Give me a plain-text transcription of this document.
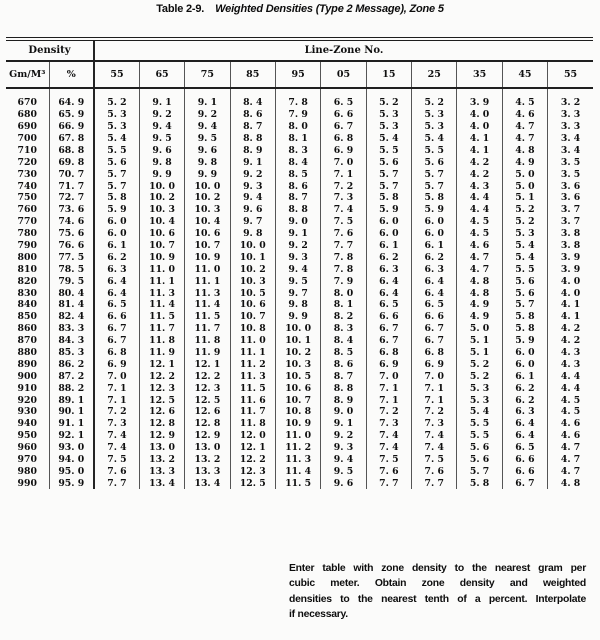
Table 2-9. Weighted Densities (Type 2 Message), Zone 5
Density		Line-Zone No.										
Gm/M³	%	55	65	75	85	95	05	15	25	35	45	55
670	64. 9	5. 2	9. 1	9. 1	8. 4	7. 8	6. 5	5. 2	5. 2	3. 9	4. 5	3. 2
680	65. 9	5. 3	9. 2	9. 2	8. 6	7. 9	6. 6	5. 3	5. 3	4. 0	4. 6	3. 3
690	66. 9	5. 3	9. 4	9. 4	8. 7	8. 0	6. 7	5. 3	5. 3	4. 0	4. 7	3. 3
700	67. 8	5. 4	9. 5	9. 5	8. 8	8. 1	6. 8	5. 4	5. 4	4. 1	4. 7	3. 4
710	68. 8	5. 5	9. 6	9. 6	8. 9	8. 3	6. 9	5. 5	5. 5	4. 1	4. 8	3. 4
720	69. 8	5. 6	9. 8	9. 8	9. 1	8. 4	7. 0	5. 6	5. 6	4. 2	4. 9	3. 5
730	70. 7	5. 7	9. 9	9. 9	9. 2	8. 5	7. 1	5. 7	5. 7	4. 2	5. 0	3. 5
740	71. 7	5. 7	10. 0	10. 0	9. 3	8. 6	7. 2	5. 7	5. 7	4. 3	5. 0	3. 6
750	72. 7	5. 8	10. 2	10. 2	9. 4	8. 7	7. 3	5. 8	5. 8	4. 4	5. 1	3. 6
760	73. 6	5. 9	10. 3	10. 3	9. 6	8. 8	7. 4	5. 9	5. 9	4. 4	5. 2	3. 7
770	74. 6	6. 0	10. 4	10. 4	9. 7	9. 0	7. 5	6. 0	6. 0	4. 5	5. 2	3. 7
780	75. 6	6. 0	10. 6	10. 6	9. 8	9. 1	7. 6	6. 0	6. 0	4. 5	5. 3	3. 8
790	76. 6	6. 1	10. 7	10. 7	10. 0	9. 2	7. 7	6. 1	6. 1	4. 6	5. 4	3. 8
800	77. 5	6. 2	10. 9	10. 9	10. 1	9. 3	7. 8	6. 2	6. 2	4. 7	5. 4	3. 9
810	78. 5	6. 3	11. 0	11. 0	10. 2	9. 4	7. 8	6. 3	6. 3	4. 7	5. 5	3. 9
820	79. 5	6. 4	11. 1	11. 1	10. 3	9. 5	7. 9	6. 4	6. 4	4. 8	5. 6	4. 0
830	80. 4	6. 4	11. 3	11. 3	10. 5	9. 7	8. 0	6. 4	6. 4	4. 8	5. 6	4. 0
840	81. 4	6. 5	11. 4	11. 4	10. 6	9. 8	8. 1	6. 5	6. 5	4. 9	5. 7	4. 1
850	82. 4	6. 6	11. 5	11. 5	10. 7	9. 9	8. 2	6. 6	6. 6	4. 9	5. 8	4. 1
860	83. 3	6. 7	11. 7	11. 7	10. 8	10. 0	8. 3	6. 7	6. 7	5. 0	5. 8	4. 2
870	84. 3	6. 7	11. 8	11. 8	11. 0	10. 1	8. 4	6. 7	6. 7	5. 1	5. 9	4. 2
880	85. 3	6. 8	11. 9	11. 9	11. 1	10. 2	8. 5	6. 8	6. 8	5. 1	6. 0	4. 3
890	86. 2	6. 9	12. 1	12. 1	11. 2	10. 3	8. 6	6. 9	6. 9	5. 2	6. 0	4. 3
900	87. 2	7. 0	12. 2	12. 2	11. 3	10. 5	8. 7	7. 0	7. 0	5. 2	6. 1	4. 4
910	88. 2	7. 1	12. 3	12. 3	11. 5	10. 6	8. 8	7. 1	7. 1	5. 3	6. 2	4. 4
920	89. 1	7. 1	12. 5	12. 5	11. 6	10. 7	8. 9	7. 1	7. 1	5. 3	6. 2	4. 5
930	90. 1	7. 2	12. 6	12. 6	11. 7	10. 8	9. 0	7. 2	7. 2	5. 4	6. 3	4. 5
940	91. 1	7. 3	12. 8	12. 8	11. 8	10. 9	9. 1	7. 3	7. 3	5. 5	6. 4	4. 6
950	92. 1	7. 4	12. 9	12. 9	12. 0	11. 0	9. 2	7. 4	7. 4	5. 5	6. 4	4. 6
960	93. 0	7. 4	13. 0	13. 0	12. 1	11. 2	9. 3	7. 4	7. 4	5. 6	6. 5	4. 7
970	94. 0	7. 5	13. 2	13. 2	12. 2	11. 3	9. 4	7. 5	7. 5	5. 6	6. 6	4. 7
980	95. 0	7. 6	13. 3	13. 3	12. 3	11. 4	9. 5	7. 6	7. 6	5. 7	6. 6	4. 7
990	95. 9	7. 7	13. 4	13. 4	12. 5	11. 5	9. 6	7. 7	7. 7	5. 8	6. 7	4. 8
Enter table with zone density to the nearest gram per
cubic meter. Obtain zone density and weighted
densities to the nearest tenth of a percent. Interpolate
if necessary.
